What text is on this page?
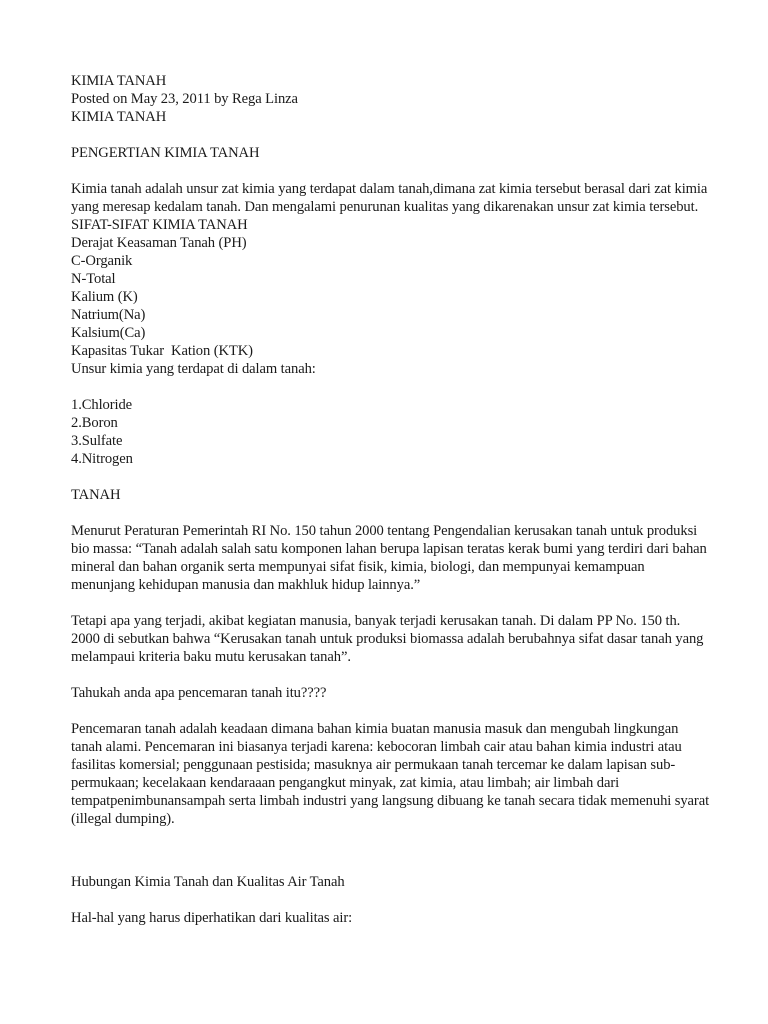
KIMIA TANAH
Posted on May 23, 2011 by Rega Linza
KIMIA TANAH
PENGERTIAN KIMIA TANAH

Kimia tanah adalah unsur zat kimia yang terdapat dalam tanah,dimana zat kimia tersebut berasal dari zat kimia yang meresap kedalam tanah. Dan mengalami penurunan kualitas yang dikarenakan unsur zat kimia tersebut.

SIFAT-SIFAT KIMIA TANAH
Derajat Keasaman Tanah (PH)
C-Organik
N-Total
Kalium (K)
Natrium(Na)
Kalsium(Ca)
Kapasitas Tukar  Kation (KTK)
Unsur kimia yang terdapat di dalam tanah:
1.Chloride
2.Boron
3.Sulfate
4.Nitrogen
TANAH

Menurut Peraturan Pemerintah RI No. 150 tahun 2000 tentang Pengendalian kerusakan tanah untuk produksi bio massa: “Tanah adalah salah satu komponen lahan berupa lapisan teratas kerak bumi yang terdiri dari bahan mineral dan bahan organik serta mempunyai sifat fisik, kimia, biologi, dan mempunyai kemampuan menunjang kehidupan manusia dan makhluk hidup lainnya.”

Tetapi apa yang terjadi, akibat kegiatan manusia, banyak terjadi kerusakan tanah. Di dalam PP No. 150 th. 2000 di sebutkan bahwa “Kerusakan tanah untuk produksi biomassa adalah berubahnya sifat dasar tanah yang melampaui kriteria baku mutu kerusakan tanah”.

Tahukah anda apa pencemaran tanah itu????

Pencemaran tanah adalah keadaan dimana bahan kimia buatan manusia masuk dan mengubah lingkungan tanah alami. Pencemaran ini biasanya terjadi karena: kebocoran limbah cair atau bahan kimia industri atau fasilitas komersial; penggunaan pestisida; masuknya air permukaan tanah tercemar ke dalam lapisan sub-permukaan; kecelakaan kendaraaan pengangkut minyak, zat kimia, atau limbah; air limbah dari tempatpenimbunansampah serta limbah industri yang langsung dibuang ke tanah secara tidak memenuhi syarat (illegal dumping).

Hubungan Kimia Tanah dan Kualitas Air Tanah
Hal-hal yang harus diperhatikan dari kualitas air:
